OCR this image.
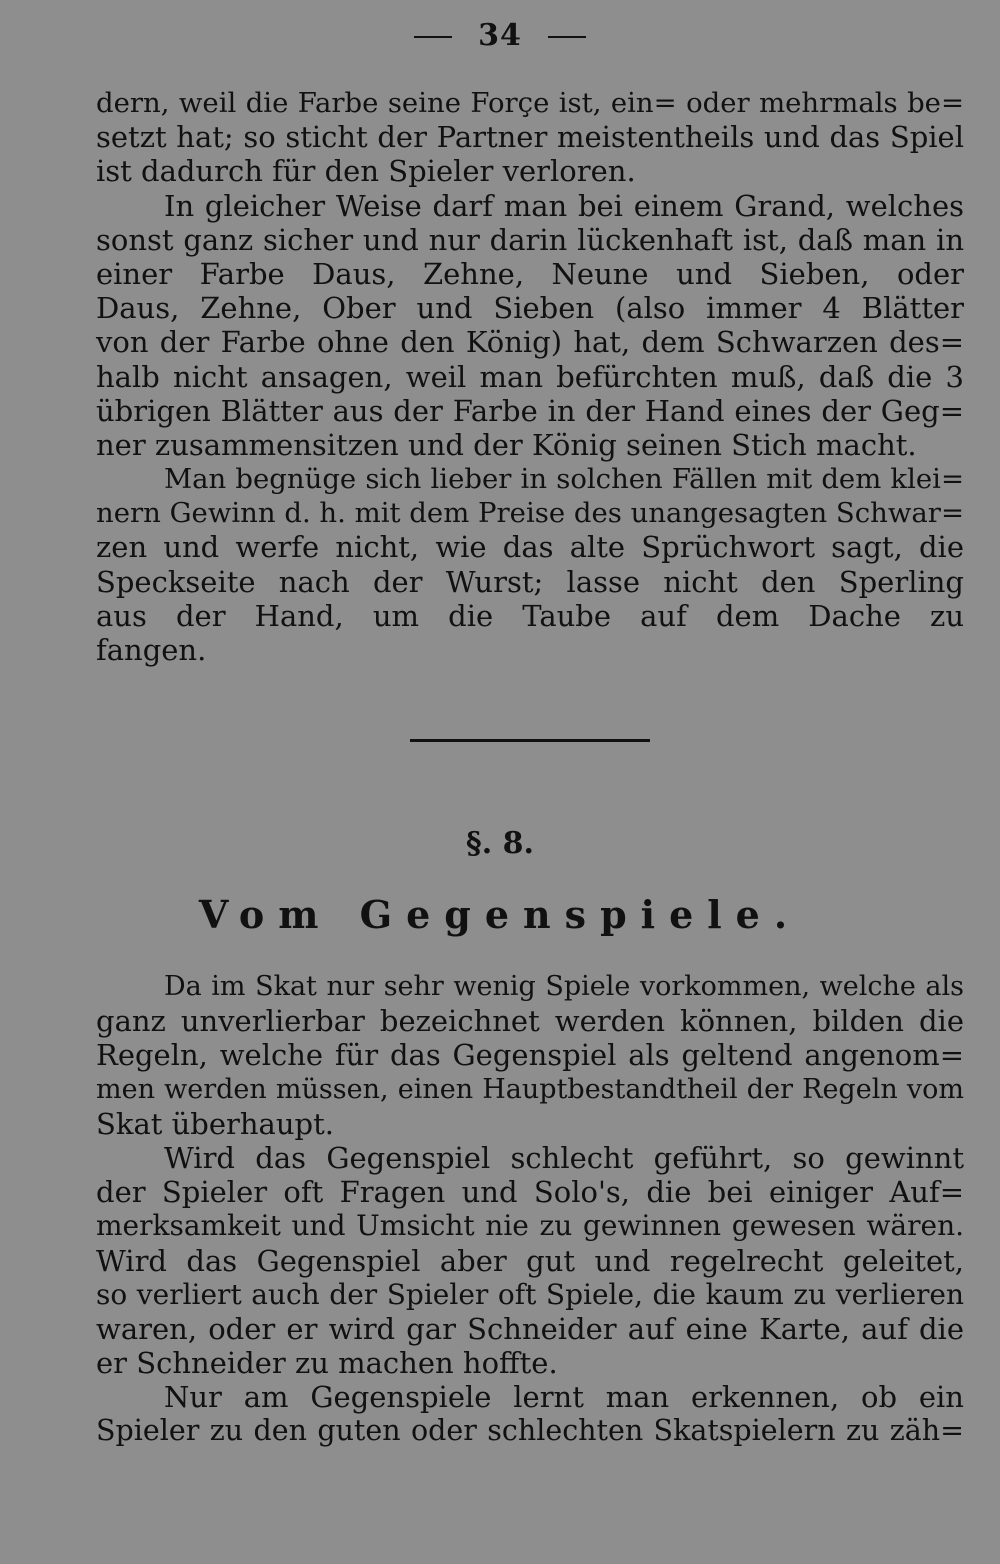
34
dern, weil die Farbe seine Forçe ist, ein= oder mehrmals be=
setzt hat; so sticht der Partner meistentheils und das Spiel
ist dadurch für den Spieler verloren.
In gleicher Weise darf man bei einem Grand, welches
sonst ganz sicher und nur darin lückenhaft ist, daß man in
einer Farbe Daus, Zehne, Neune und Sieben, oder
Daus, Zehne, Ober und Sieben (also immer 4 Blätter
von der Farbe ohne den König) hat, dem Schwarzen des=
halb nicht ansagen, weil man befürchten muß, daß die 3
übrigen Blätter aus der Farbe in der Hand eines der Geg=
ner zusammensitzen und der König seinen Stich macht.
Man begnüge sich lieber in solchen Fällen mit dem klei=
nern Gewinn d. h. mit dem Preise des unangesagten Schwar=
zen und werfe nicht, wie das alte Sprüchwort sagt, die
Speckseite nach der Wurst; lasse nicht den Sperling
aus der Hand, um die Taube auf dem Dache zu
fangen.
§. 8.
Vom Gegenspiele.
Da im Skat nur sehr wenig Spiele vorkommen, welche als
ganz unverlierbar bezeichnet werden können, bilden die
Regeln, welche für das Gegenspiel als geltend angenom=
men werden müssen, einen Hauptbestandtheil der Regeln vom
Skat überhaupt.
Wird das Gegenspiel schlecht geführt, so gewinnt
der Spieler oft Fragen und Solo's, die bei einiger Auf=
merksamkeit und Umsicht nie zu gewinnen gewesen wären.
Wird das Gegenspiel aber gut und regelrecht geleitet,
so verliert auch der Spieler oft Spiele, die kaum zu verlieren
waren, oder er wird gar Schneider auf eine Karte, auf die
er Schneider zu machen hoffte.
Nur am Gegenspiele lernt man erkennen, ob ein
Spieler zu den guten oder schlechten Skatspielern zu zäh=
